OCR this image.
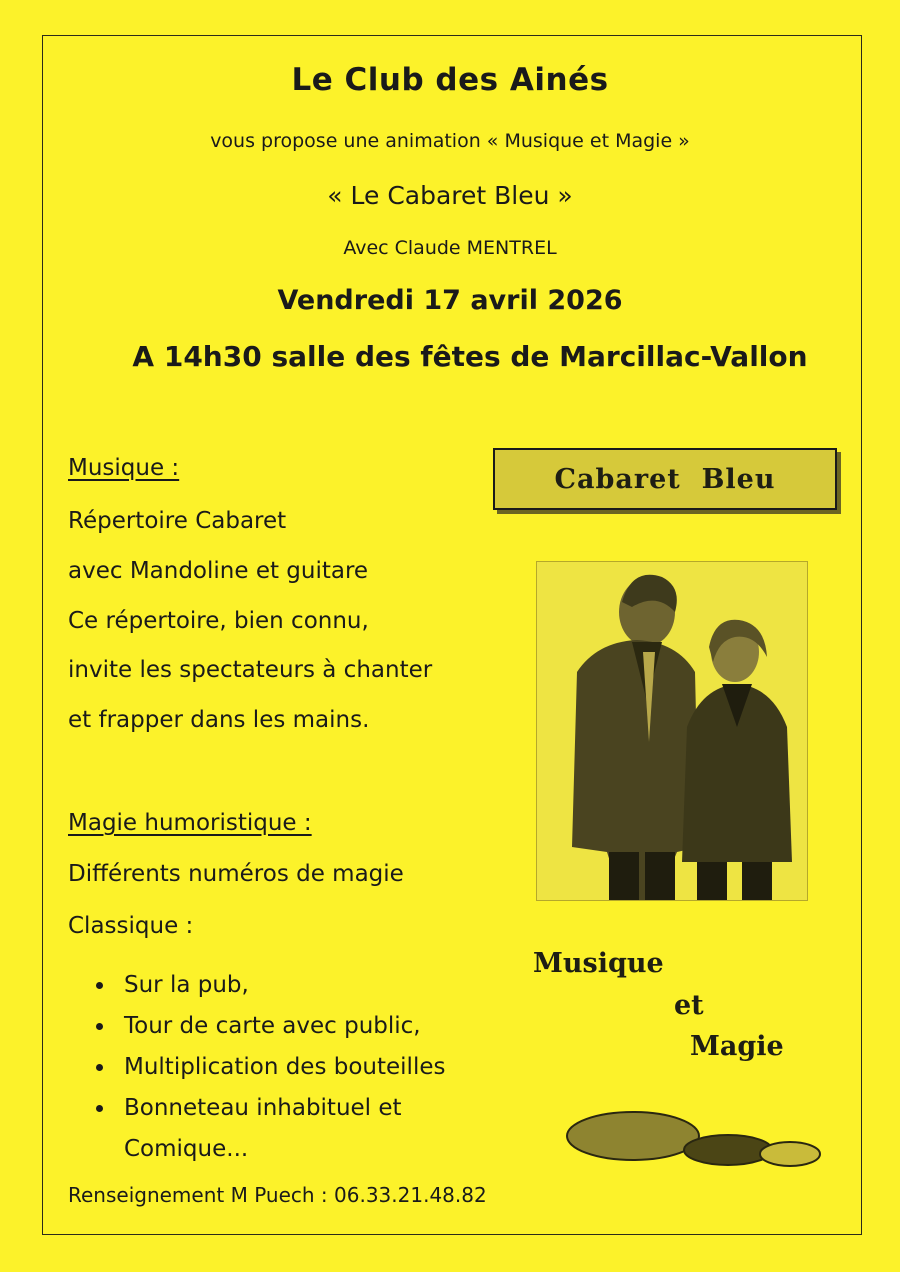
Le Club des Ainés
vous propose une animation « Musique et Magie »
« Le Cabaret Bleu »
Avec Claude MENTREL
Vendredi 17 avril 2026
A 14h30 salle des fêtes de Marcillac-Vallon
Musique :
Répertoire Cabaret
avec Mandoline et guitare
Ce répertoire, bien connu,
invite les spectateurs à chanter
et frapper dans les mains.
Magie humoristique :
Différents numéros de magie
Classique :
Sur la pub,
Tour de carte avec public,
Multiplication des bouteilles
Bonneteau inhabituel et
Comique...
Renseignement M Puech : 06.33.21.48.82
Cabaret  Bleu
Musique
et
Magie
